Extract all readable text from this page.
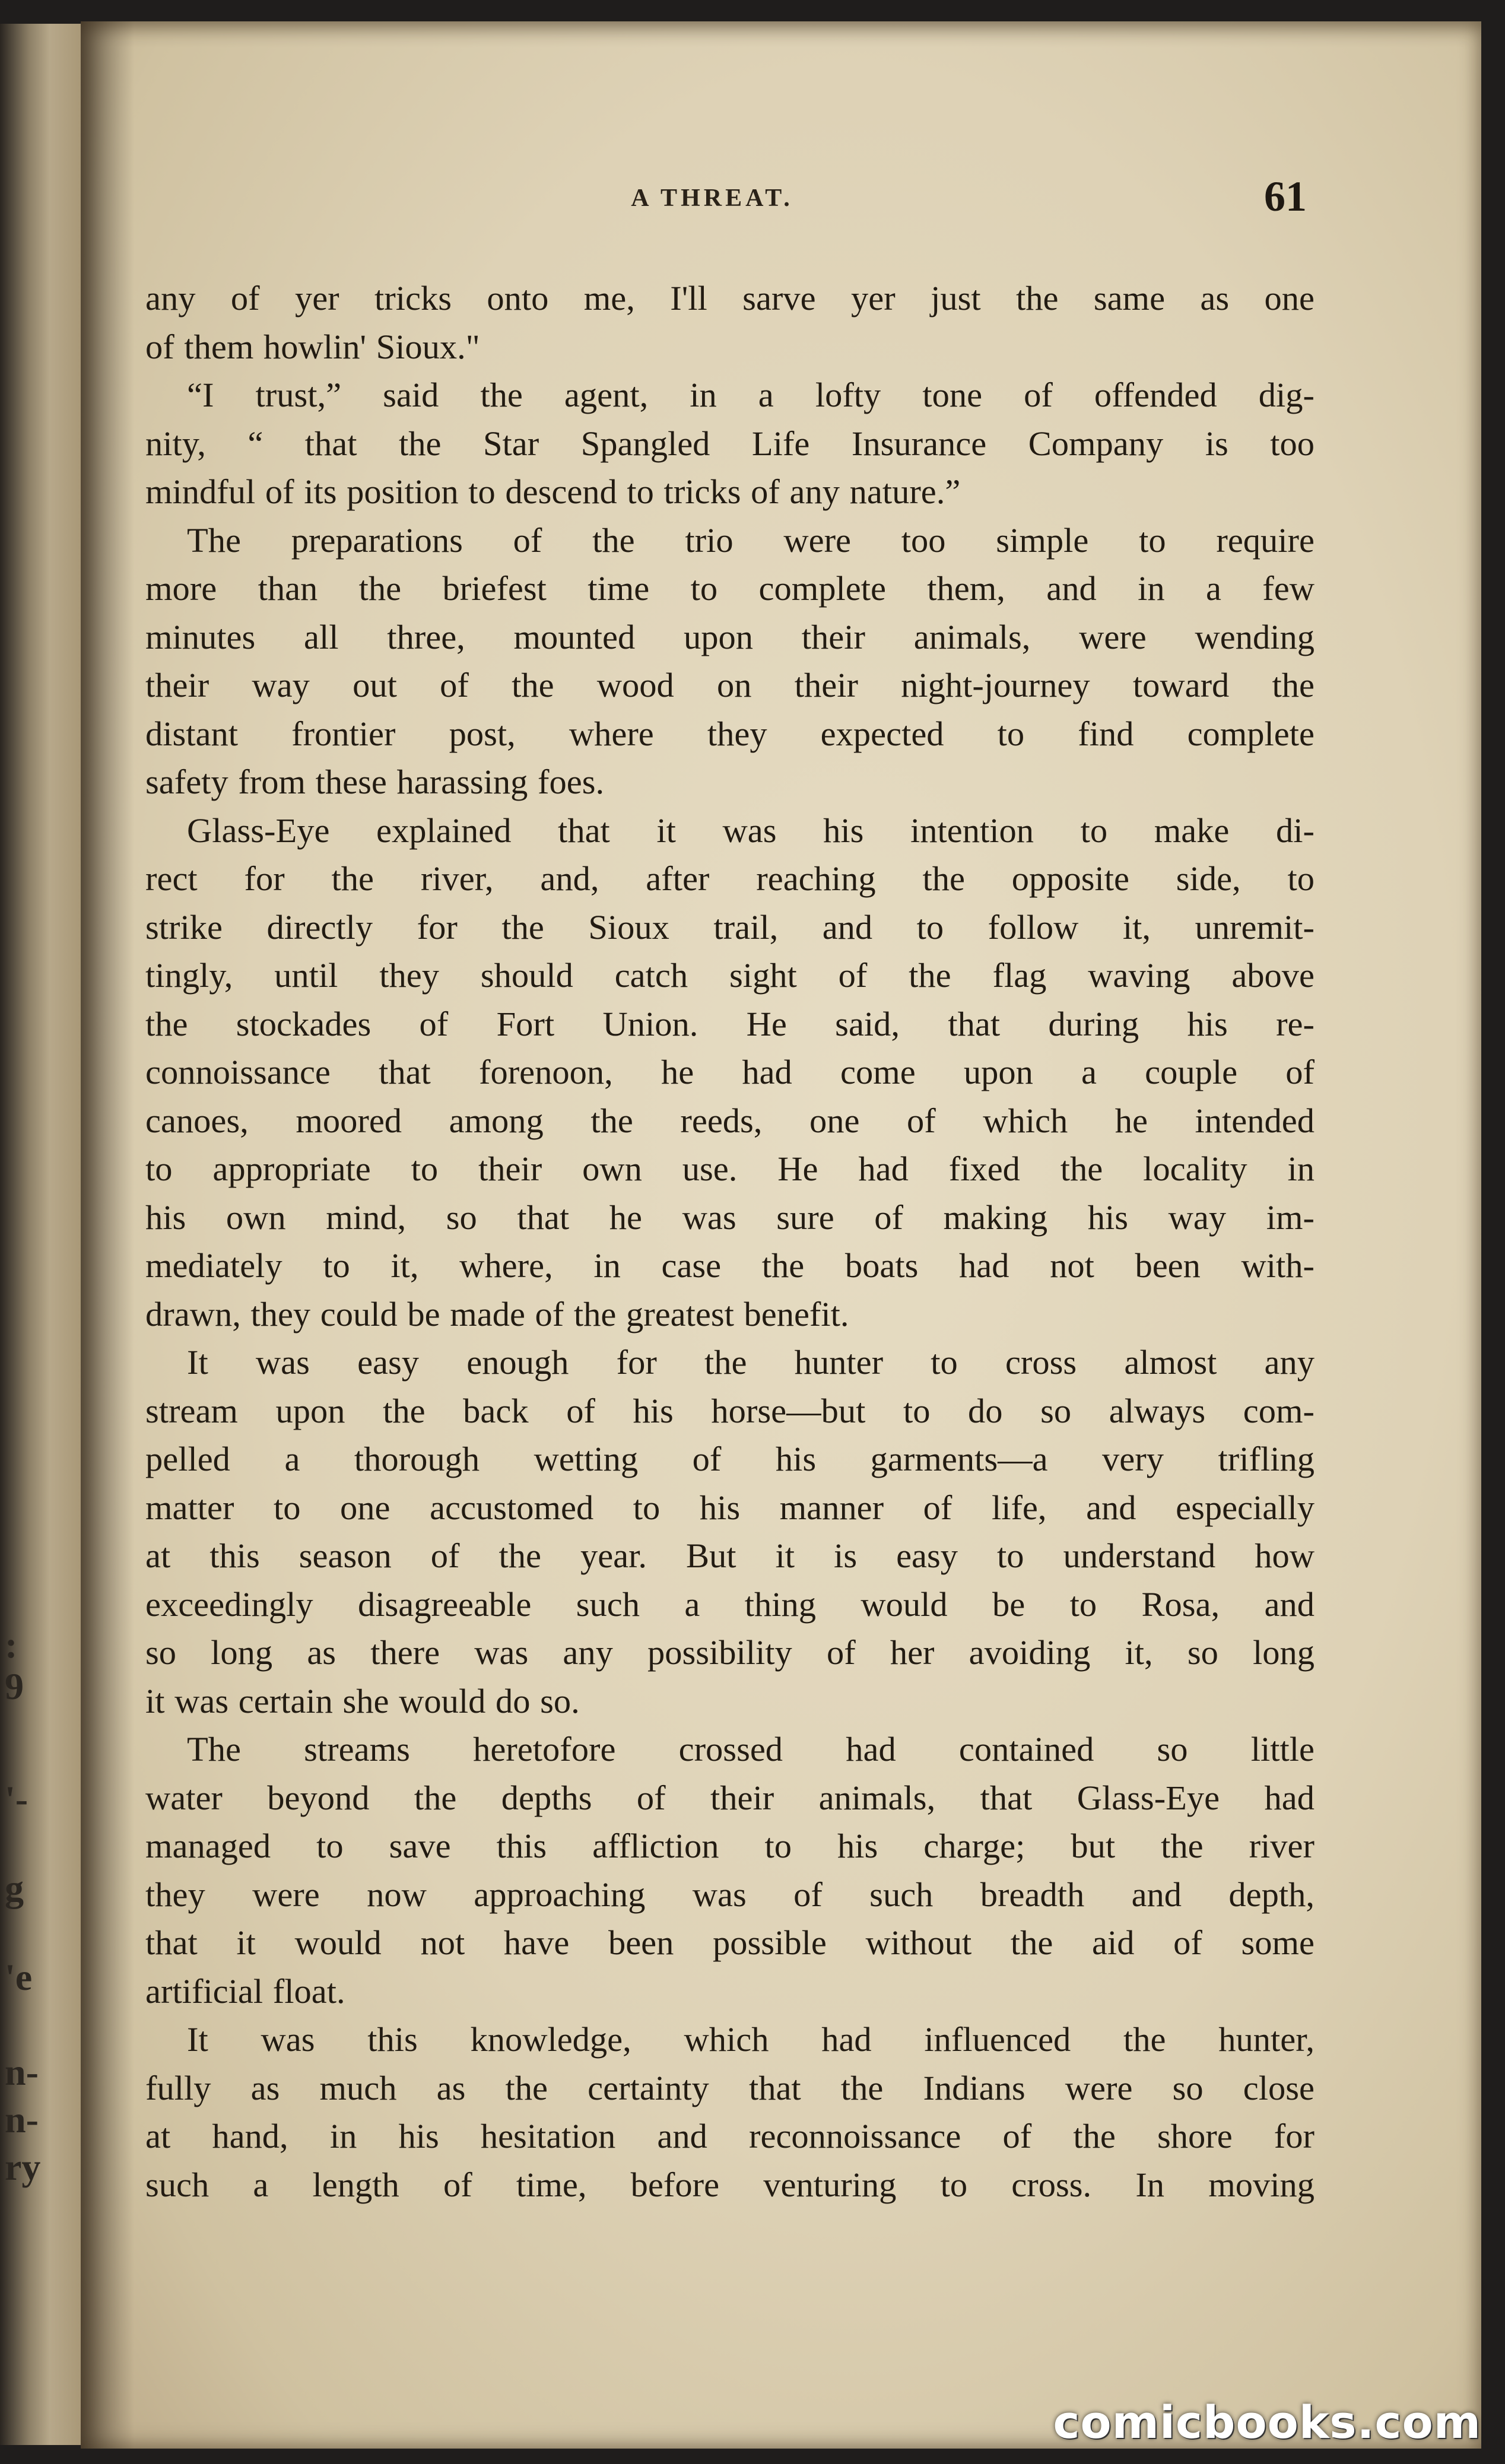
:
9
'-
g
'e
n-
n-
ry
A THREAT.	61
any of yer tricks onto me, I'll sarve yer just the same as one
of them howlin' Sioux."
“I trust,” said the agent, in a lofty tone of offended dig-
nity, “ that the Star Spangled Life Insurance Company is too
mindful of its position to descend to tricks of any nature.”
The preparations of the trio were too simple to require
more than the briefest time to complete them, and in a few
minutes all three, mounted upon their animals, were wending
their way out of the wood on their night-journey toward the
distant frontier post, where they expected to find complete
safety from these harassing foes.
Glass-Eye explained that it was his intention to make di-
rect for the river, and, after reaching the opposite side, to
strike directly for the Sioux trail, and to follow it, unremit-
tingly, until they should catch sight of the flag waving above
the stockades of Fort Union. He said, that during his re-
connoissance that forenoon, he had come upon a couple of
canoes, moored among the reeds, one of which he intended
to appropriate to their own use. He had fixed the locality in
his own mind, so that he was sure of making his way im-
mediately to it, where, in case the boats had not been with-
drawn, they could be made of the greatest benefit.
It was easy enough for the hunter to cross almost any
stream upon the back of his horse—but to do so always com-
pelled a thorough wetting of his garments—a very trifling
matter to one accustomed to his manner of life, and especially
at this season of the year. But it is easy to understand how
exceedingly disagreeable such a thing would be to Rosa, and
so long as there was any possibility of her avoiding it, so long
it was certain she would do so.
The streams heretofore crossed had contained so little
water beyond the depths of their animals, that Glass-Eye had
managed to save this affliction to his charge; but the river
they were now approaching was of such breadth and depth,
that it would not have been possible without the aid of some
artificial float.
It was this knowledge, which had influenced the hunter,
fully as much as the certainty that the Indians were so close
at hand, in his hesitation and reconnoissance of the shore for
such a length of time, before venturing to cross. In moving
comicbooks.com
